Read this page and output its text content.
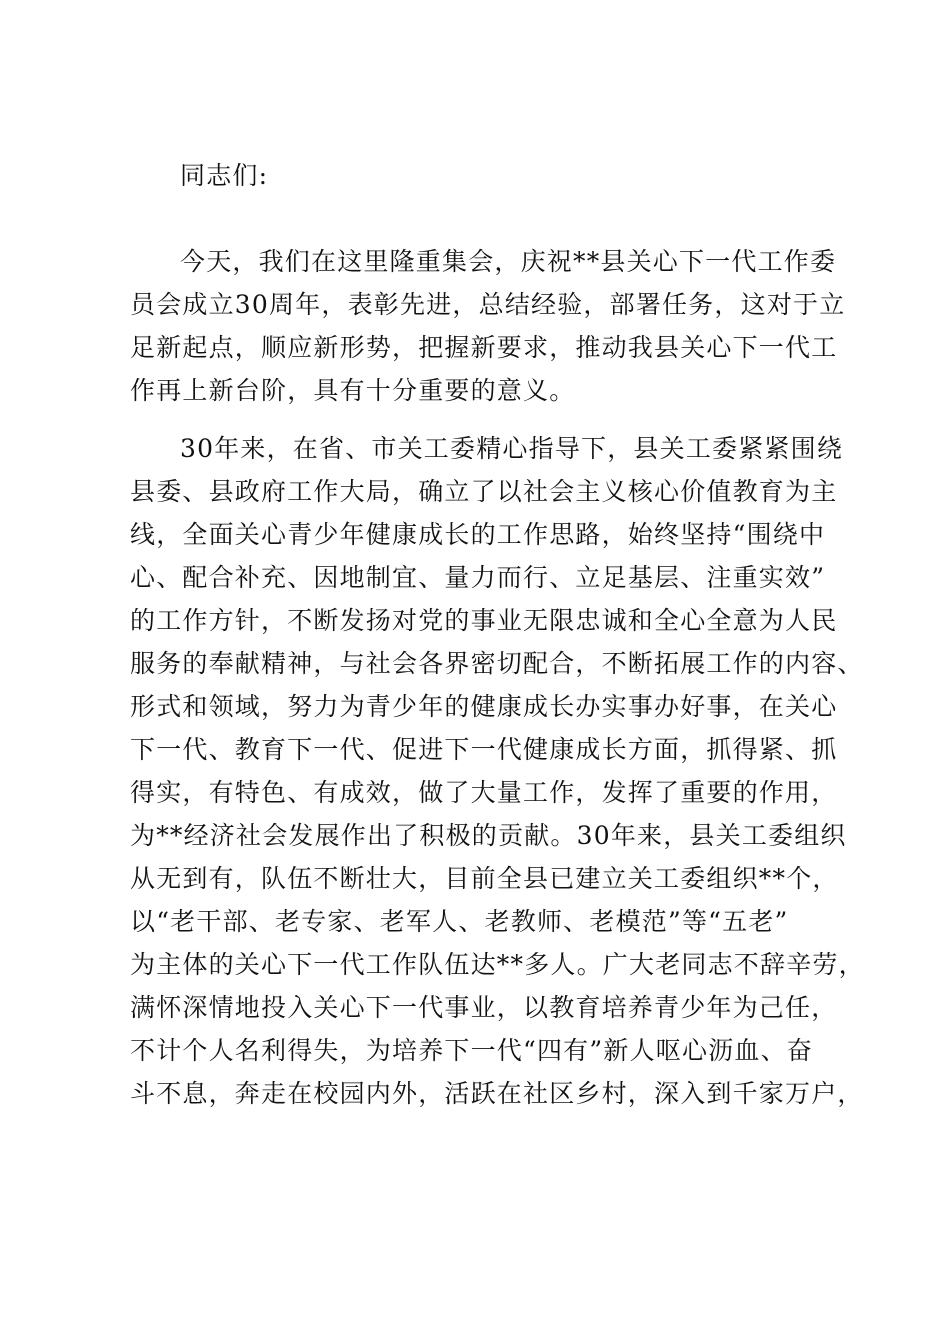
同志们:
今天，我们在这里隆重集会，庆祝**县关心下一代工作委
员会成立30周年，表彰先进，总结经验，部署任务，这对于立
足新起点，顺应新形势，把握新要求，推动我县关心下一代工
作再上新台阶，具有十分重要的意义。
30年来，在省、市关工委精心指导下，县关工委紧紧围绕
县委、县政府工作大局，确立了以社会主义核心价值教育为主
线，全面关心青少年健康成长的工作思路，始终坚持“围绕中
心、配合补充、因地制宜、量力而行、立足基层、注重实效”
的工作方针，不断发扬对党的事业无限忠诚和全心全意为人民
服务的奉献精神，与社会各界密切配合，不断拓展工作的内容、
形式和领域，努力为青少年的健康成长办实事办好事，在关心
下一代、教育下一代、促进下一代健康成长方面，抓得紧、抓
得实，有特色、有成效，做了大量工作，发挥了重要的作用，
为**经济社会发展作出了积极的贡献。30年来，县关工委组织
从无到有，队伍不断壮大，目前全县已建立关工委组织**个，
以“老干部、老专家、老军人、老教师、老模范”等“五老”
为主体的关心下一代工作队伍达**多人。广大老同志不辞辛劳，
满怀深情地投入关心下一代事业，以教育培养青少年为己任，
不计个人名利得失，为培养下一代“四有”新人呕心沥血、奋
斗不息，奔走在校园内外，活跃在社区乡村，深入到千家万户，
